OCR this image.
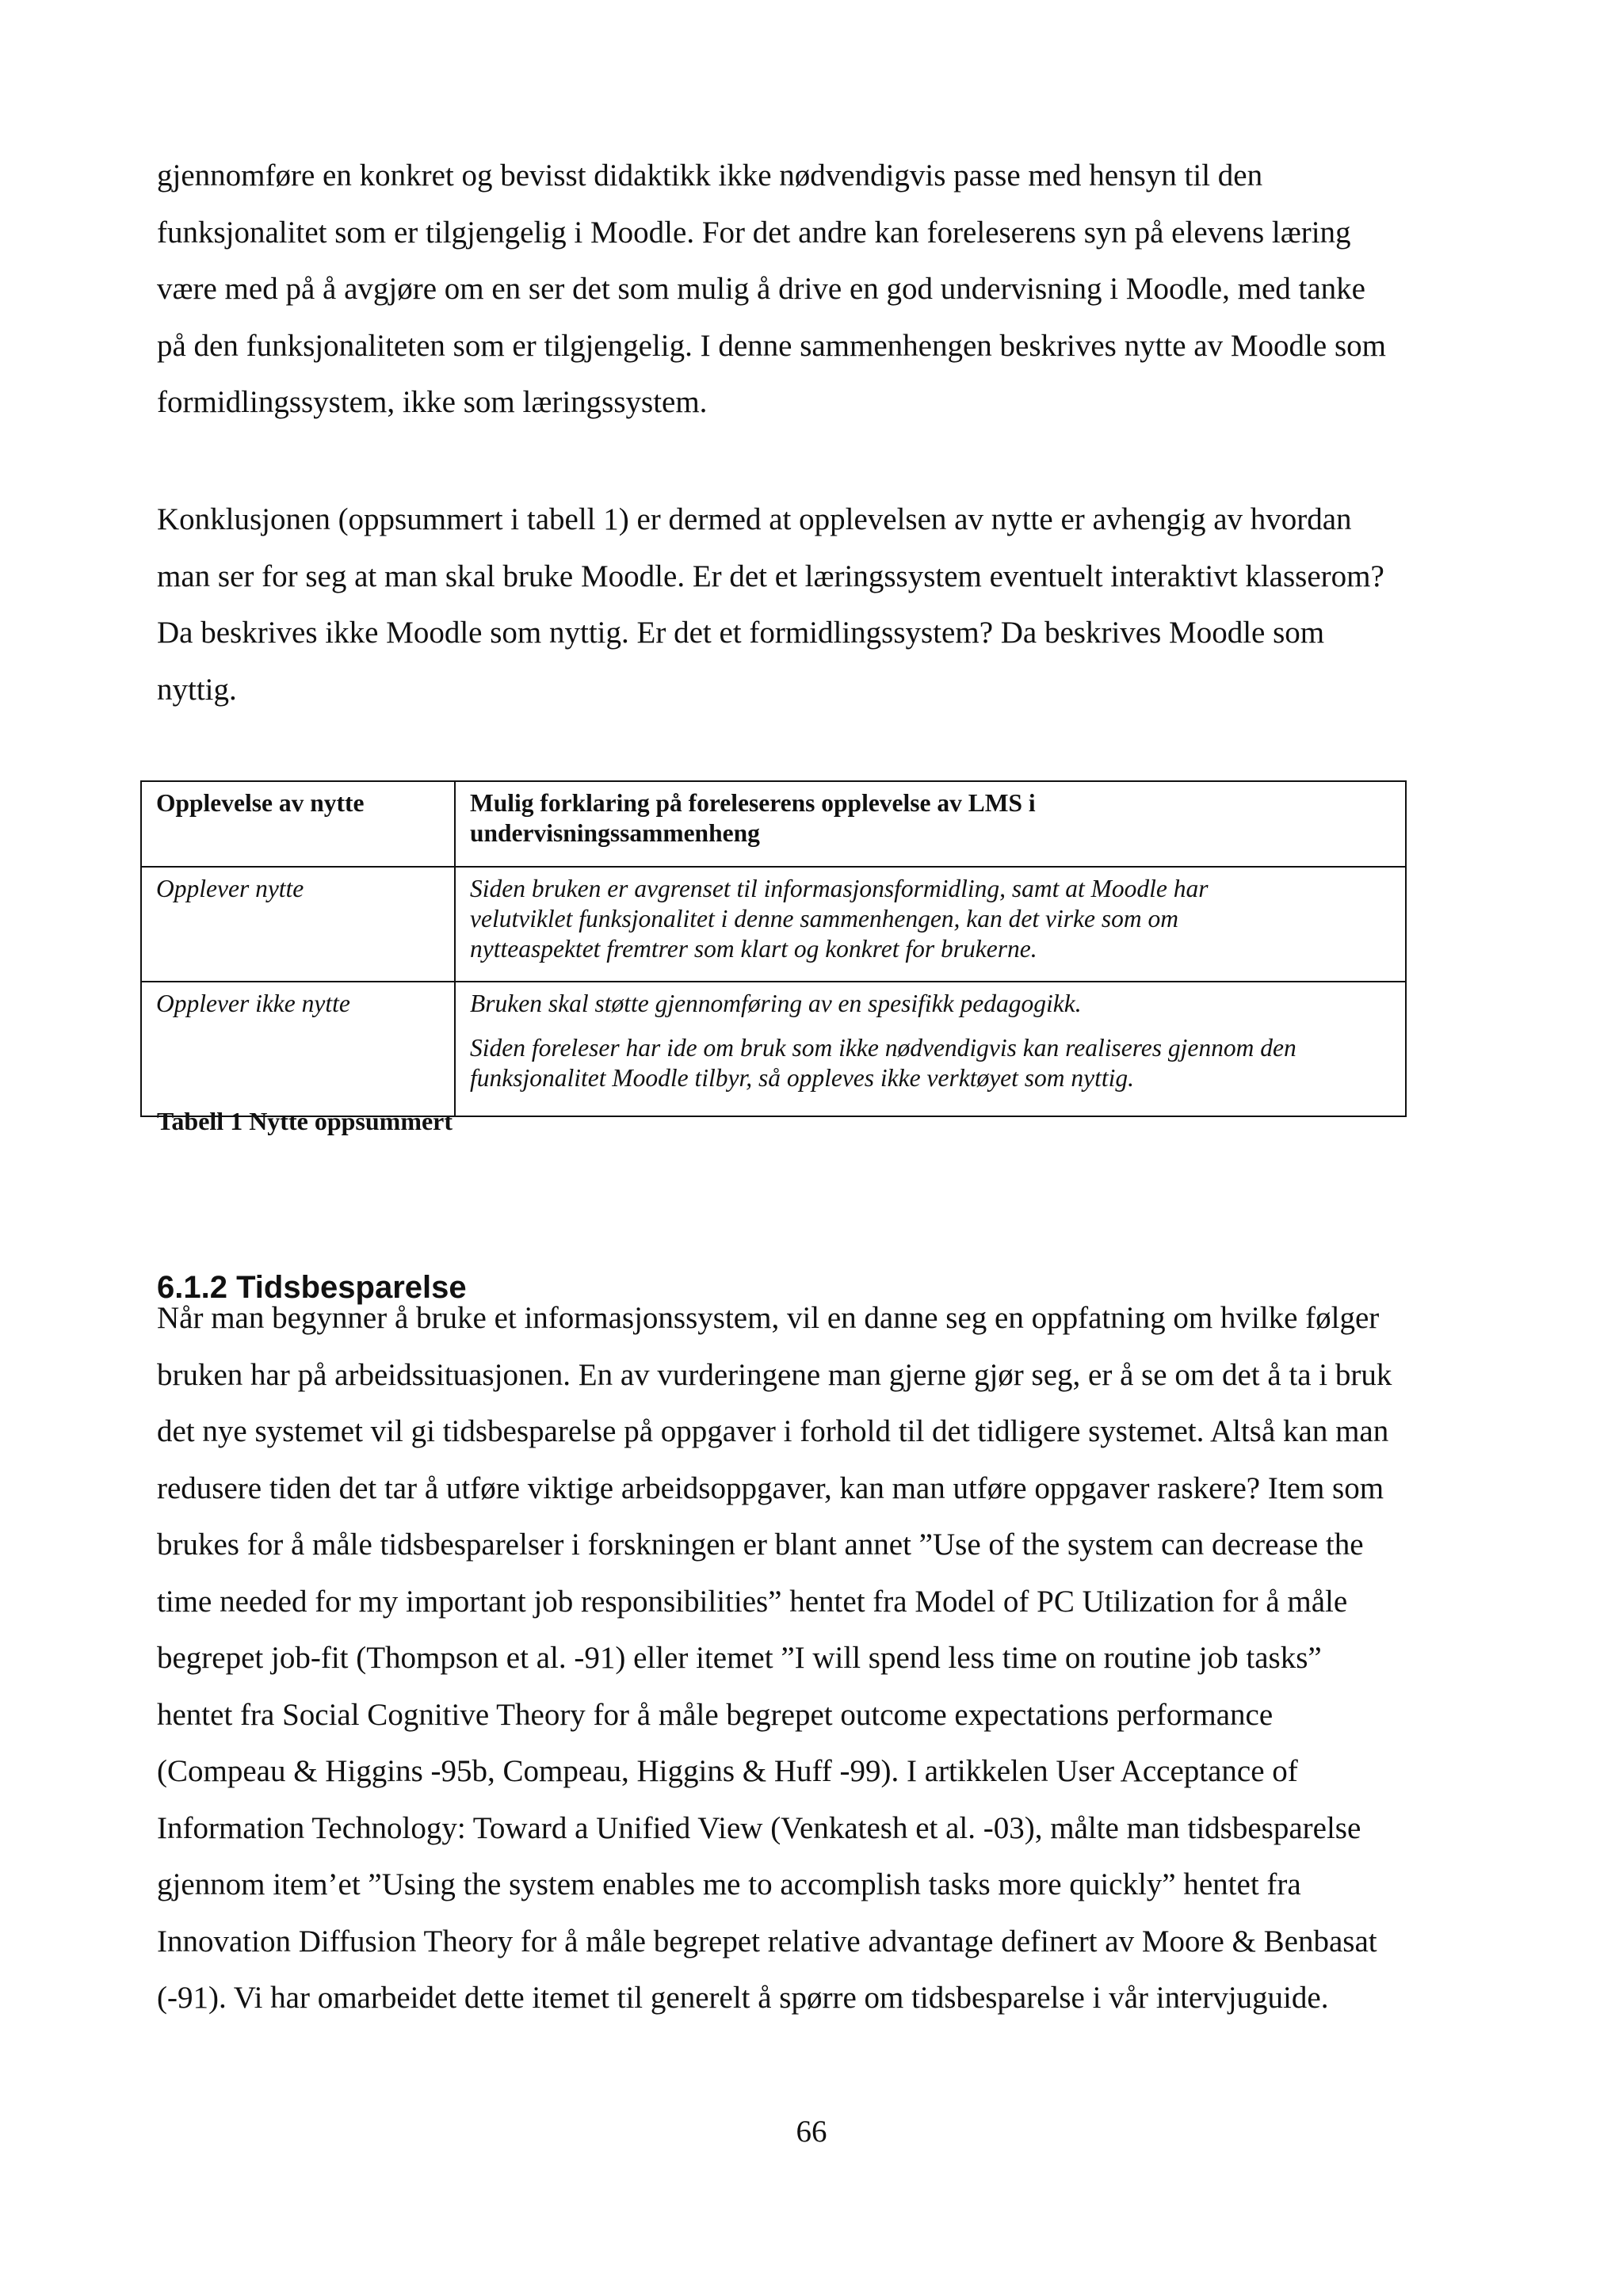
gjennomføre en konkret og bevisst didaktikk ikke nødvendigvis passe med hensyn til den
funksjonalitet som er tilgjengelig i Moodle. For det andre kan foreleserens syn på elevens læring
være med på å avgjøre om en ser det som mulig å drive en god undervisning i Moodle, med tanke
på den funksjonaliteten som er tilgjengelig. I denne sammenhengen beskrives nytte av Moodle som
formidlingssystem, ikke som læringssystem.

Konklusjonen (oppsummert i tabell 1) er dermed at opplevelsen av nytte er avhengig av hvordan
man ser for seg at man skal bruke Moodle. Er det et læringssystem eventuelt interaktivt klasserom?
Da beskrives ikke Moodle som nyttig. Er det et formidlingssystem? Da beskrives Moodle som
nyttig.

Opplevelse av nytte	Mulig forklaring på foreleserens opplevelse av LMS i
undervisningssammenheng

Opplever nytte	Siden bruken er avgrenset til informasjonsformidling, samt at Moodle har
velutviklet funksjonalitet i denne sammenhengen, kan det virke som om
nytteaspektet fremtrer som klart og konkret for brukerne.

Opplever ikke nytte	Bruken skal støtte gjennomføring av en spesifikk pedagogikk.
Siden foreleser har ide om bruk som ikke nødvendigvis kan realiseres gjennom den
funksjonalitet Moodle tilbyr, så oppleves ikke verktøyet som nyttig.
Tabell 1 Nytte oppsummert
6.1.2 Tidsbesparelse

Når man begynner å bruke et informasjonssystem, vil en danne seg en oppfatning om hvilke følger
bruken har på arbeidssituasjonen. En av vurderingene man gjerne gjør seg, er å se om det å ta i bruk
det nye systemet vil gi tidsbesparelse på oppgaver i forhold til det tidligere systemet. Altså kan man
redusere tiden det tar å utføre viktige arbeidsoppgaver, kan man utføre oppgaver raskere? Item som
brukes for å måle tidsbesparelser i forskningen er blant annet ”Use of the system can decrease the
time needed for my important job responsibilities” hentet fra Model of PC Utilization for å måle
begrepet job-fit (Thompson et al. -91) eller itemet ”I will spend less time on routine job tasks”
hentet fra Social Cognitive Theory for å måle begrepet outcome expectations performance
(Compeau & Higgins -95b, Compeau, Higgins & Huff -99). I artikkelen User Acceptance of
Information Technology: Toward a Unified View (Venkatesh et al. -03), målte man tidsbesparelse
gjennom item’et ”Using the system enables me to accomplish tasks more quickly” hentet fra
Innovation Diffusion Theory for å måle begrepet relative advantage definert av Moore & Benbasat
(-91). Vi har omarbeidet dette itemet til generelt å spørre om tidsbesparelse i vår intervjuguide.

66
